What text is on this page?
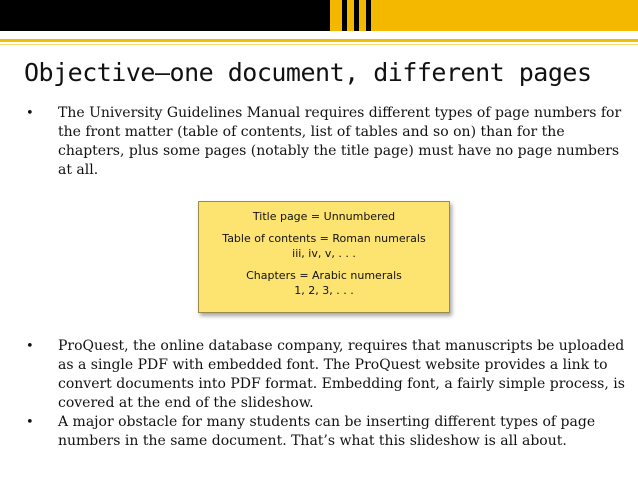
Objective—one document, different pages
• The University Guidelines Manual requires different types of page numbers for the front matter (table of contents, list of tables and so on) than for the chapters, plus some pages (notably the title page) must have no page numbers at all.
Title page = Unnumbered
Table of contents = Roman numerals
iii, iv, v, . . .
Chapters = Arabic numerals
1, 2, 3, . . .
• ProQuest, the online database company, requires that manuscripts be uploaded as a single PDF with embedded font. The ProQuest website provides a link to convert documents into PDF format. Embedding font, a fairly simple process, is covered at the end of the slideshow.
• A major obstacle for many students can be inserting different types of page numbers in the same document. That’s what this slideshow is all about.
